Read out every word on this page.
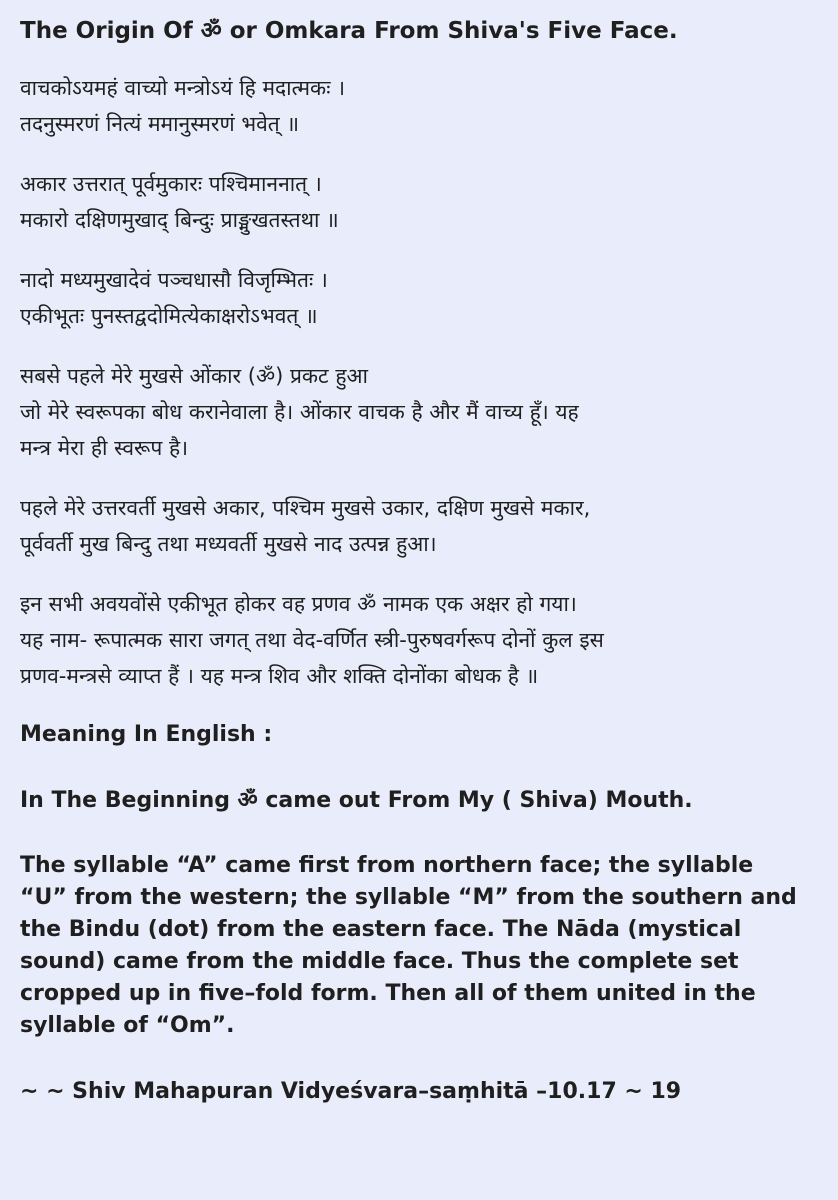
The Origin Of ॐ or Omkara From Shiva's Five Face.
वाचकोऽयमहं वाच्यो मन्त्रोऽयं हि मदात्मकः ।
तदनुस्मरणं नित्यं ममानुस्मरणं भवेत् ॥
अकार उत्तरात् पूर्वमुकारः पश्चिमाननात् ।
मकारो दक्षिणमुखाद् बिन्दुः प्राङ्मुखतस्तथा ॥
नादो मध्यमुखादेवं पञ्चधासौ विजृम्भितः ।
एकीभूतः पुनस्तद्वदोमित्येकाक्षरोऽभवत् ॥
सबसे पहले मेरे मुखसे ओंकार (ॐ) प्रकट हुआ
जो मेरे स्वरूपका बोध करानेवाला है। ओंकार वाचक है और मैं वाच्य हूँ। यह
मन्त्र मेरा ही स्वरूप है।
पहले मेरे उत्तरवर्ती मुखसे अकार, पश्चिम मुखसे उकार, दक्षिण मुखसे मकार,
पूर्ववर्ती मुख बिन्दु तथा मध्यवर्ती मुखसे नाद उत्पन्न हुआ।
इन सभी अवयवोंसे एकीभूत होकर वह प्रणव ॐ नामक एक अक्षर हो गया।
यह नाम- रूपात्मक सारा जगत् तथा वेद-वर्णित स्त्री-पुरुषवर्गरूप दोनों कुल इस
प्रणव-मन्त्रसे व्याप्त हैं । यह मन्त्र शिव और शक्ति दोनोंका बोधक है ॥
Meaning In English :
In The Beginning ॐ came out From My ( Shiva) Mouth.
The syllable “A” came first from northern face; the syllable
“U” from the western; the syllable “M” from the southern and
the Bindu (dot) from the eastern face. The Nāda (mystical
sound) came from the middle face. Thus the complete set
cropped up in five–fold form. Then all of them united in the
syllable of “Om”.
~ ~ Shiv Mahapuran Vidyeśvara–saṃhitā –10.17 ~ 19
